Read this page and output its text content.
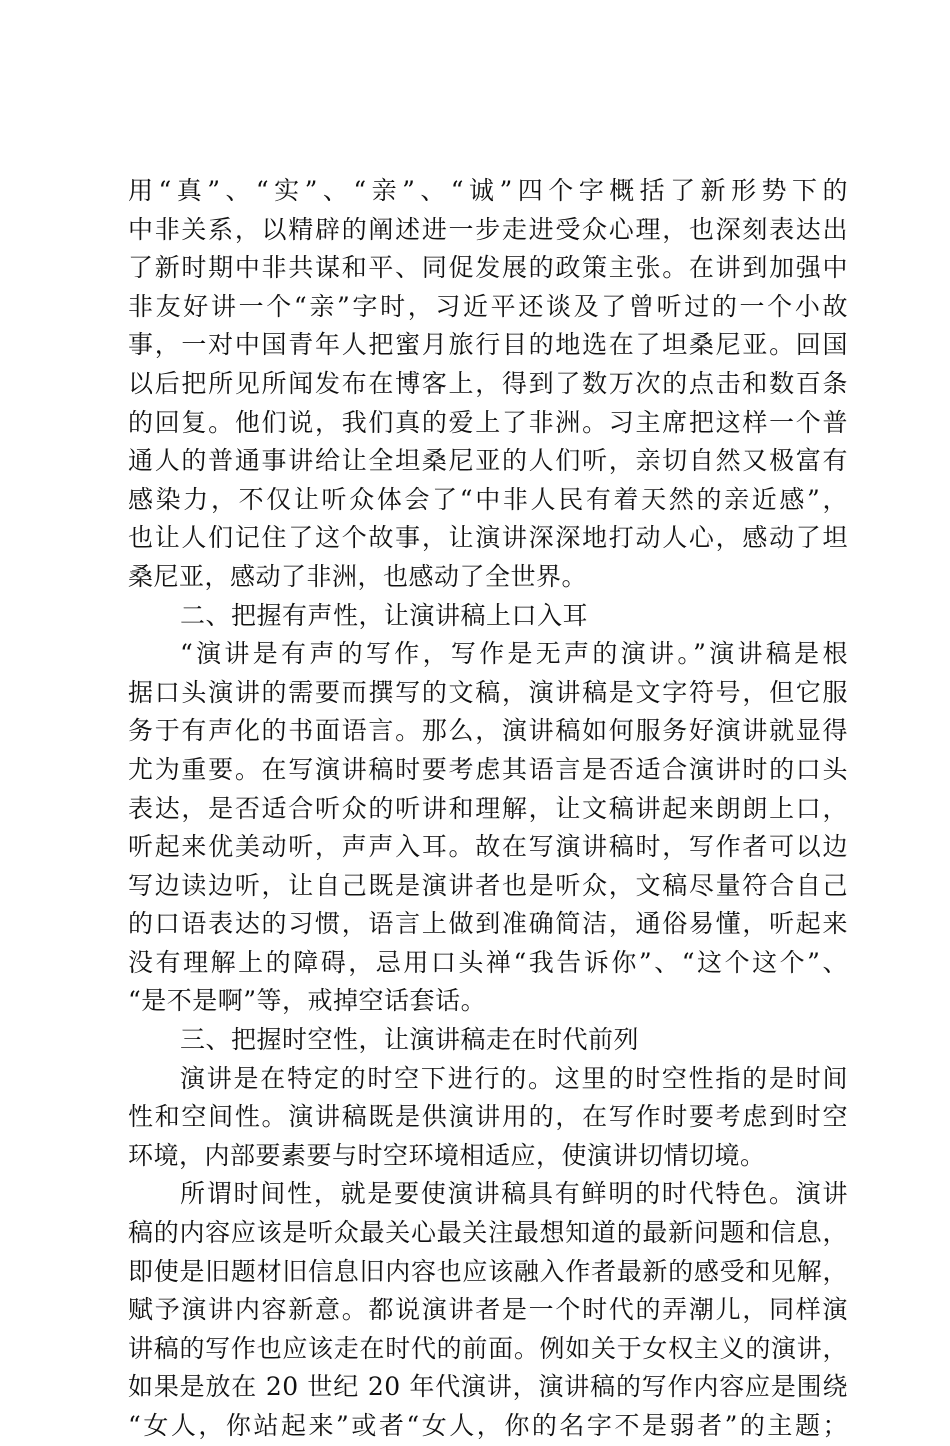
用“真”、“实”、“亲”、“诚”四个字概括了新形势下的
中非关系，以精辟的阐述进一步走进受众心理，也深刻表达出
了新时期中非共谋和平、同促发展的政策主张。在讲到加强中
非友好讲一个“亲”字时，习近平还谈及了曾听过的一个小故
事，一对中国青年人把蜜月旅行目的地选在了坦桑尼亚。回国
以后把所见所闻发布在博客上，得到了数万次的点击和数百条
的回复。他们说，我们真的爱上了非洲。习主席把这样一个普
通人的普通事讲给让全坦桑尼亚的人们听，亲切自然又极富有
感染力，不仅让听众体会了“中非人民有着天然的亲近感”，
也让人们记住了这个故事，让演讲深深地打动人心，感动了坦
桑尼亚，感动了非洲，也感动了全世界。
二、把握有声性，让演讲稿上口入耳
“演讲是有声的写作，写作是无声的演讲。”演讲稿是根
据口头演讲的需要而撰写的文稿，演讲稿是文字符号，但它服
务于有声化的书面语言。那么，演讲稿如何服务好演讲就显得
尤为重要。在写演讲稿时要考虑其语言是否适合演讲时的口头
表达，是否适合听众的听讲和理解，让文稿讲起来朗朗上口，
听起来优美动听，声声入耳。故在写演讲稿时，写作者可以边
写边读边听，让自己既是演讲者也是听众，文稿尽量符合自己
的口语表达的习惯，语言上做到准确简洁，通俗易懂，听起来
没有理解上的障碍，忌用口头禅“我告诉你”、“这个这个”、
“是不是啊”等，戒掉空话套话。
三、把握时空性，让演讲稿走在时代前列
演讲是在特定的时空下进行的。这里的时空性指的是时间
性和空间性。演讲稿既是供演讲用的，在写作时要考虑到时空
环境，内部要素要与时空环境相适应，使演讲切情切境。
所谓时间性，就是要使演讲稿具有鲜明的时代特色。演讲
稿的内容应该是听众最关心最关注最想知道的最新问题和信息，
即使是旧题材旧信息旧内容也应该融入作者最新的感受和见解，
赋予演讲内容新意。都说演讲者是一个时代的弄潮儿，同样演
讲稿的写作也应该走在时代的前面。例如关于女权主义的演讲，
如果是放在 20 世纪 20 年代演讲，演讲稿的写作内容应是围绕
“女人，你站起来”或者“女人，你的名字不是弱者”的主题；
